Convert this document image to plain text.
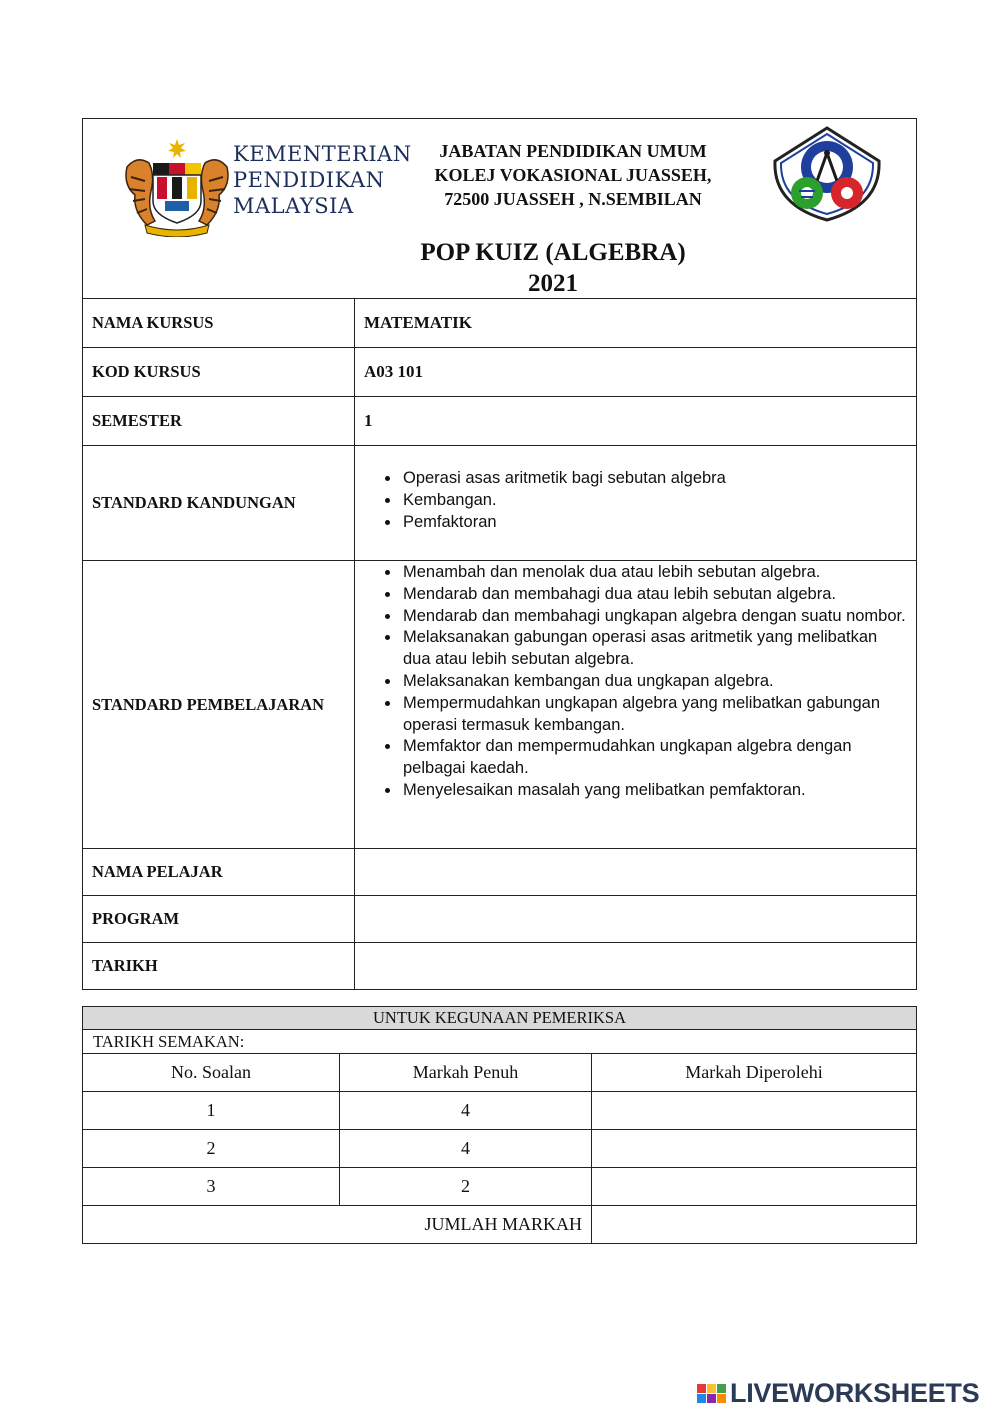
KEMENTERIAN
PENDIDIKAN
MALAYSIA
JABATAN PENDIDIKAN UMUM
KOLEJ VOKASIONAL JUASSEH,
72500 JUASSEH , N.SEMBILAN
POP KUIZ (ALGEBRA)
2021
NAMA KURSUS	MATEMATIK
KOD KURSUS	A03 101
SEMESTER	1
STANDARD KANDUNGAN
• Operasi asas aritmetik bagi sebutan algebra
• Kembangan.
• Pemfaktoran
STANDARD PEMBELAJARAN
• Menambah dan menolak dua atau lebih sebutan algebra.
• Mendarab dan membahagi dua atau lebih sebutan algebra.
• Mendarab dan membahagi ungkapan algebra dengan suatu nombor.
• Melaksanakan gabungan operasi asas aritmetik yang melibatkan dua atau lebih sebutan algebra.
• Melaksanakan kembangan dua ungkapan algebra.
• Mempermudahkan ungkapan algebra yang melibatkan gabungan operasi termasuk kembangan.
• Memfaktor dan mempermudahkan ungkapan algebra dengan pelbagai kaedah.
• Menyelesaikan masalah yang melibatkan pemfaktoran.
NAMA PELAJAR
PROGRAM
TARIKH
UNTUK KEGUNAAN PEMERIKSA
TARIKH SEMAKAN:
No. Soalan	Markah Penuh	Markah Diperolehi
1	4
2	4
3	2
JUMLAH MARKAH
LIVEWORKSHEETS
